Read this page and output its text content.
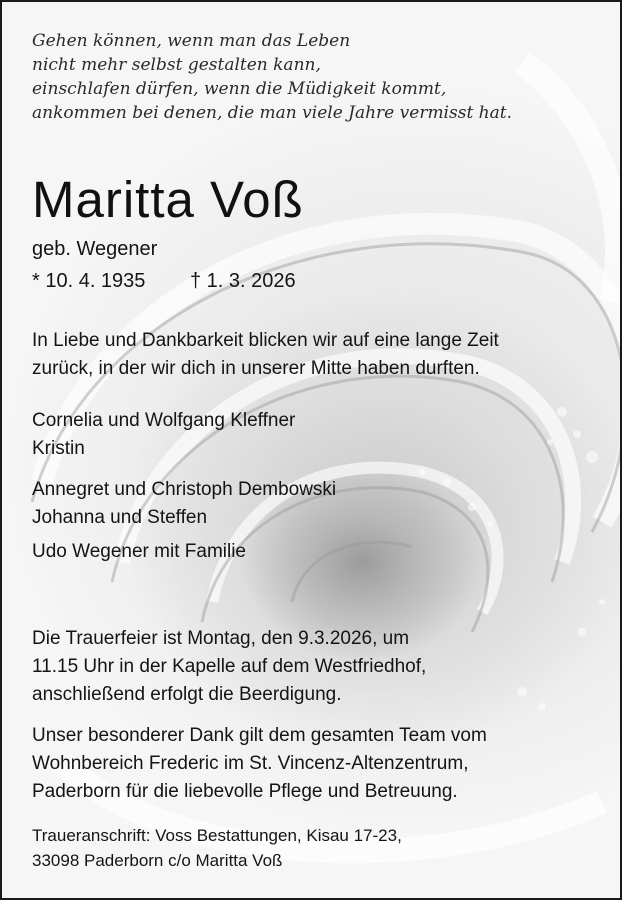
Gehen können, wenn man das Leben
nicht mehr selbst gestalten kann,
einschlafen dürfen, wenn die Müdigkeit kommt,
ankommen bei denen, die man viele Jahre vermisst hat.
Maritta Voß
geb. Wegener
* 10. 4. 1935 † 1. 3. 2026
In Liebe und Dankbarkeit blicken wir auf eine lange Zeit
zurück, in der wir dich in unserer Mitte haben durften.
Cornelia und Wolfgang Kleffner
Kristin
Annegret und Christoph Dembowski
Johanna und Steffen
Udo Wegener mit Familie
Die Trauerfeier ist Montag, den 9.3.2026, um
11.15 Uhr in der Kapelle auf dem Westfriedhof,
anschließend erfolgt die Beerdigung.
Unser besonderer Dank gilt dem gesamten Team vom
Wohnbereich Frederic im St. Vincenz-Altenzentrum,
Paderborn für die liebevolle Pflege und Betreuung.
Traueranschrift: Voss Bestattungen, Kisau 17-23,
33098 Paderborn c/o Maritta Voß
